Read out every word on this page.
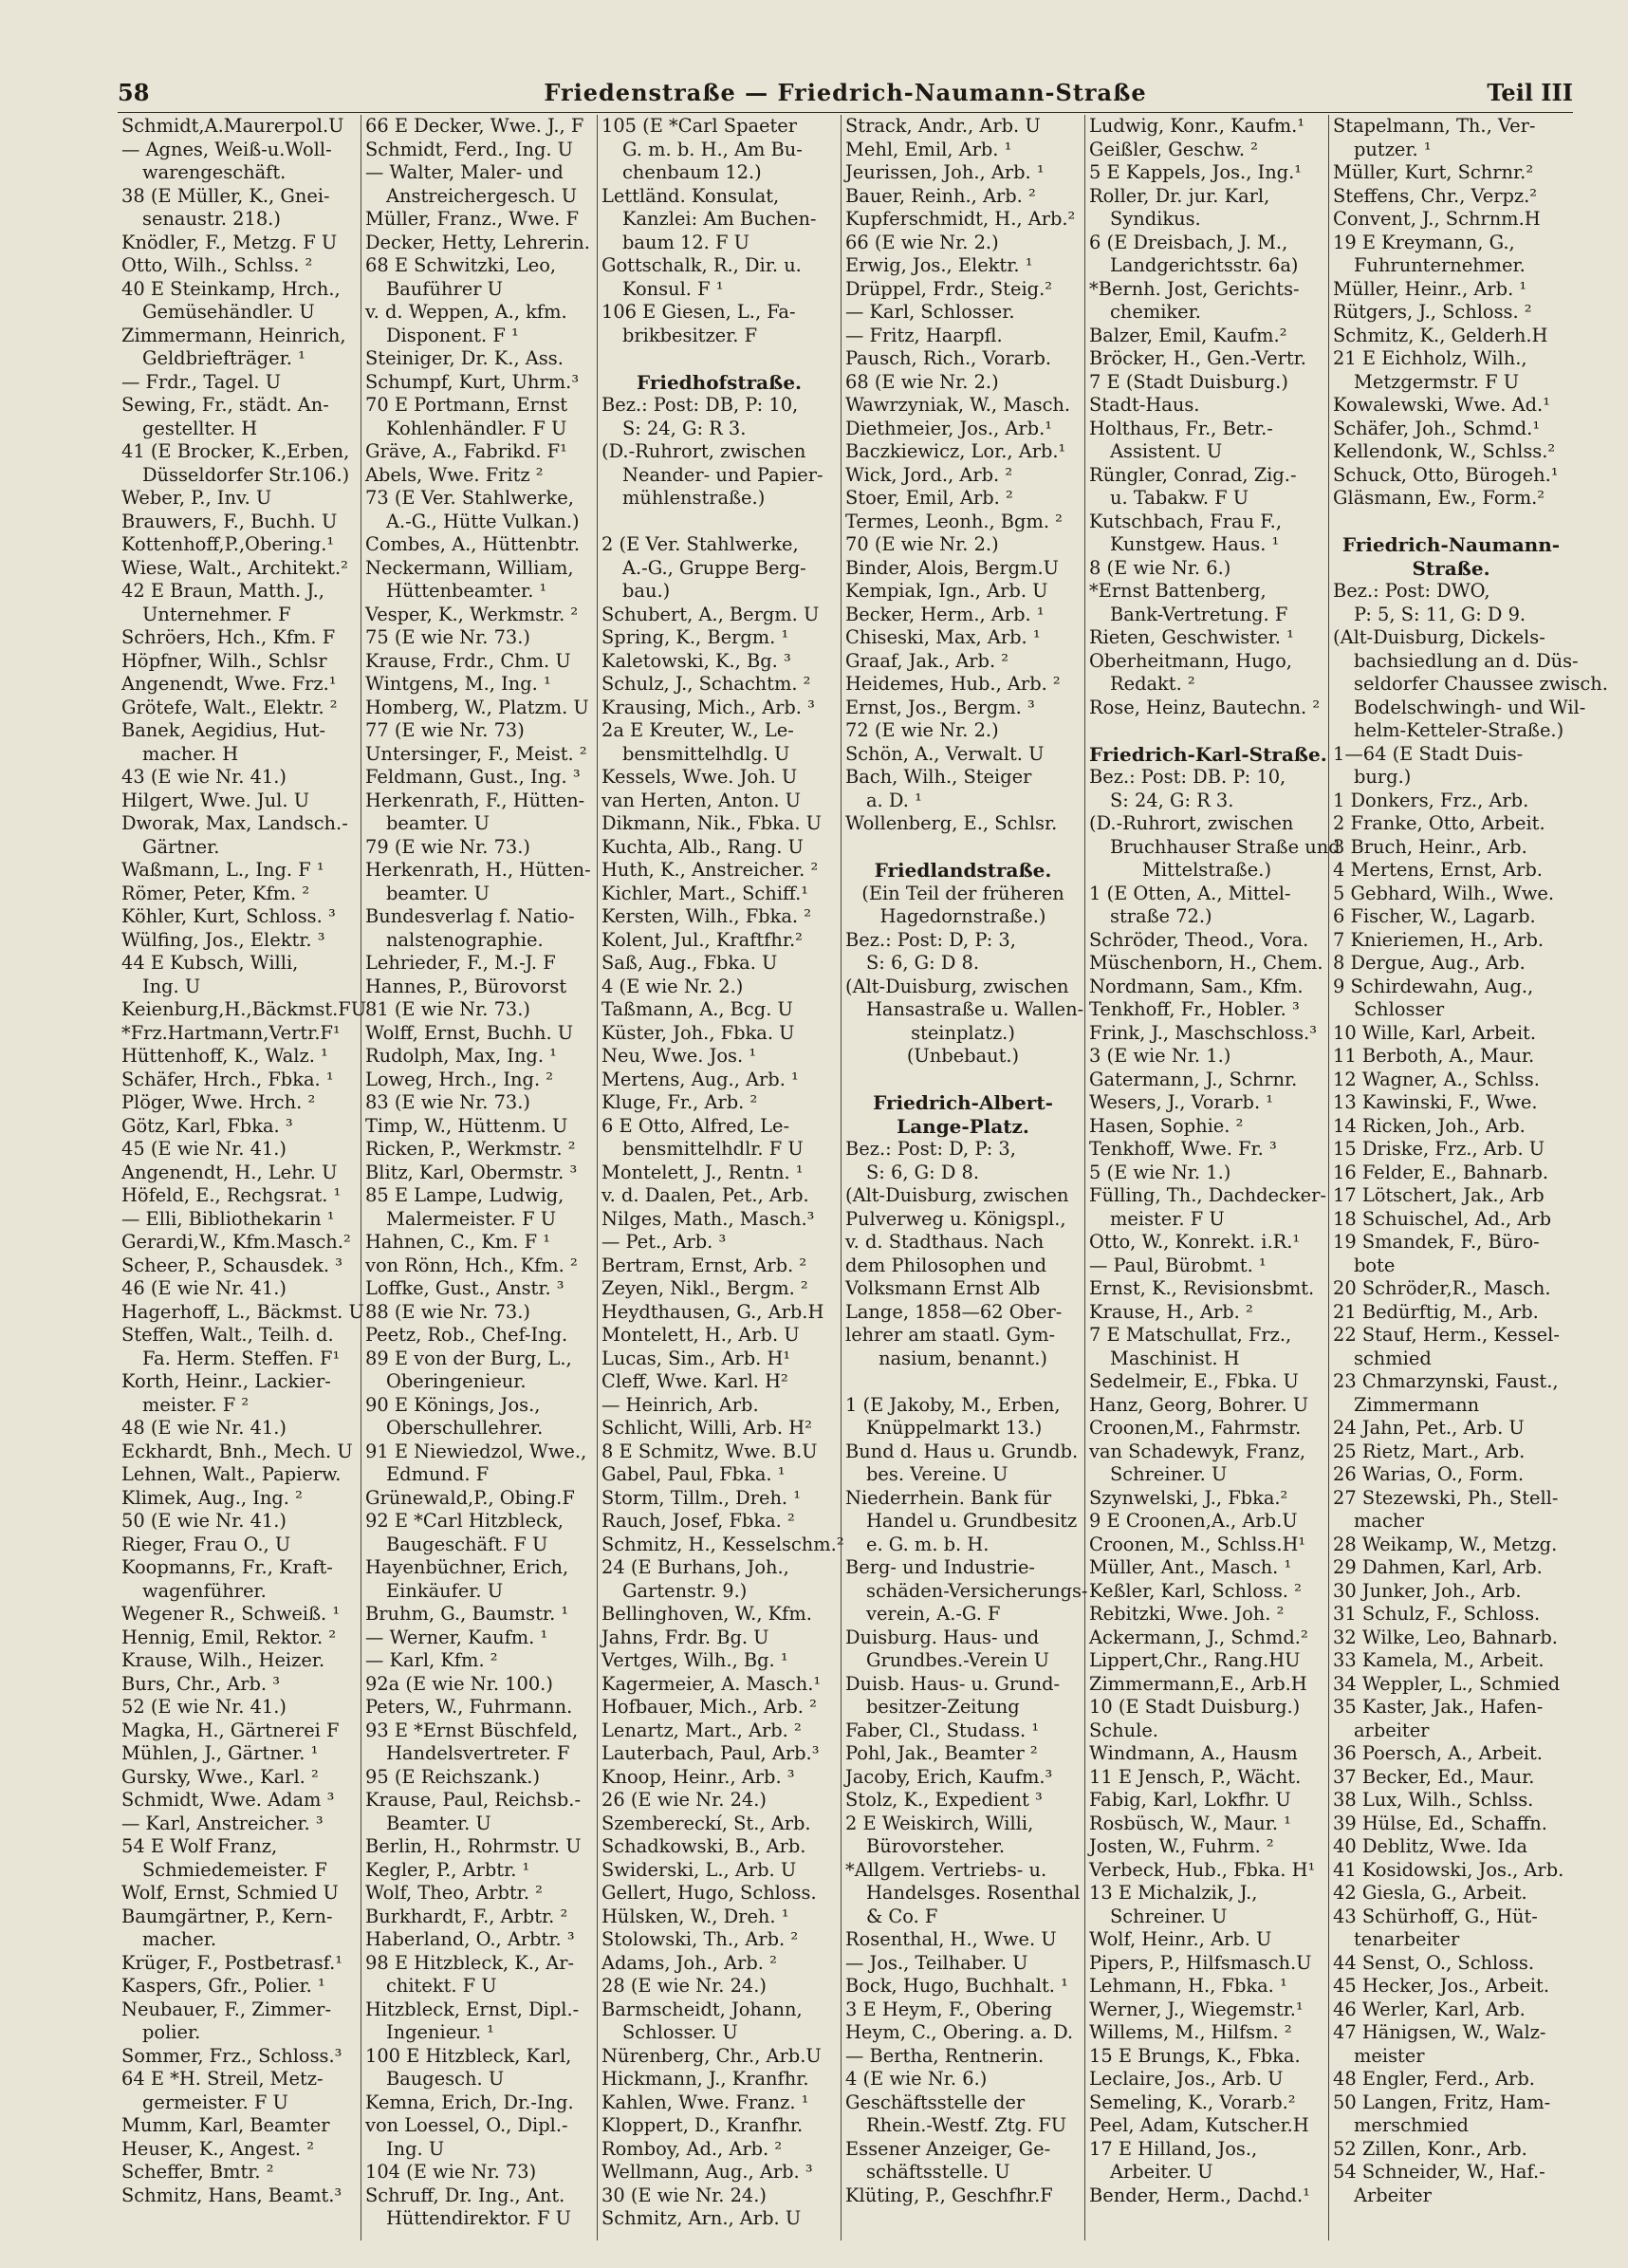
58	Friedenstraße — Friedrich-Naumann-Straße	Teil III
Schmidt,A.Maurerpol.U
— Agnes, Weiß-u.Woll-
warengeschäft.
38 (E Müller, K., Gnei-
senaustr. 218.)
Knödler, F., Metzg. F U
Otto, Wilh., Schlss. ²
40 E Steinkamp, Hrch.,
Gemüsehändler. U
Zimmermann, Heinrich,
Geldbriefträger. ¹
— Frdr., Tagel. U
Sewing, Fr., städt. An-
gestellter. H
41 (E Brocker, K.,Erben,
Düsseldorfer Str.106.)
Weber, P., Inv. U
Brauwers, F., Buchh. U
Kottenhoff,P.,Obering.¹
Wiese, Walt., Architekt.²
42 E Braun, Matth. J.,
Unternehmer. F
Schröers, Hch., Kfm. F
Höpfner, Wilh., Schlsr
Angenendt, Wwe. Frz.¹
Grötefe, Walt., Elektr. ²
Banek, Aegidius, Hut-
macher. H
43 (E wie Nr. 41.)
Hilgert, Wwe. Jul. U
Dworak, Max, Landsch.-
Gärtner.
Waßmann, L., Ing. F ¹
Römer, Peter, Kfm. ²
Köhler, Kurt, Schloss. ³
Wülfing, Jos., Elektr. ³
44 E Kubsch, Willi,
Ing. U
Keienburg,H.,Bäckmst.FU
*Frz.Hartmann,Vertr.F¹
Hüttenhoff, K., Walz. ¹
Schäfer, Hrch., Fbka. ¹
Plöger, Wwe. Hrch. ²
Götz, Karl, Fbka. ³
45 (E wie Nr. 41.)
Angenendt, H., Lehr. U
Höfeld, E., Rechgsrat. ¹
— Elli, Bibliothekarin ¹
Gerardi,W., Kfm.Masch.²
Scheer, P., Schausdek. ³
46 (E wie Nr. 41.)
Hagerhoff, L., Bäckmst. U
Steffen, Walt., Teilh. d.
Fa. Herm. Steffen. F¹
Korth, Heinr., Lackier-
meister. F ²
48 (E wie Nr. 41.)
Eckhardt, Bnh., Mech. U
Lehnen, Walt., Papierw.
Klimek, Aug., Ing. ²
50 (E wie Nr. 41.)
Rieger, Frau O., U
Koopmanns, Fr., Kraft-
wagenführer.
Wegener R., Schweiß. ¹
Hennig, Emil, Rektor. ²
Krause, Wilh., Heizer.
Burs, Chr., Arb. ³
52 (E wie Nr. 41.)
Magka, H., Gärtnerei F
Mühlen, J., Gärtner. ¹
Gursky, Wwe., Karl. ²
Schmidt, Wwe. Adam ³
— Karl, Anstreicher. ³
54 E Wolf Franz,
Schmiedemeister. F
Wolf, Ernst, Schmied U
Baumgärtner, P., Kern-
macher.
Krüger, F., Postbetrasf.¹
Kaspers, Gfr., Polier. ¹
Neubauer, F., Zimmer-
polier.
Sommer, Frz., Schloss.³
64 E *H. Streil, Metz-
germeister. F U
Mumm, Karl, Beamter
Heuser, K., Angest. ²
Scheffer, Bmtr. ²
Schmitz, Hans, Beamt.³
66 E Decker, Wwe. J., F
Schmidt, Ferd., Ing. U
— Walter, Maler- und
Anstreichergesch. U
Müller, Franz., Wwe. F
Decker, Hetty, Lehrerin.
68 E Schwitzki, Leo,
Bauführer U
v. d. Weppen, A., kfm.
Disponent. F ¹
Steiniger, Dr. K., Ass.
Schumpf, Kurt, Uhrm.³
70 E Portmann, Ernst
Kohlenhändler. F U
Gräve, A., Fabrikd. F¹
Abels, Wwe. Fritz ²
73 (E Ver. Stahlwerke,
A.-G., Hütte Vulkan.)
Combes, A., Hüttenbtr.
Neckermann, William,
Hüttenbeamter. ¹
Vesper, K., Werkmstr. ²
75 (E wie Nr. 73.)
Krause, Frdr., Chm. U
Wintgens, M., Ing. ¹
Homberg, W., Platzm. U
77 (E wie Nr. 73)
Untersinger, F., Meist. ²
Feldmann, Gust., Ing. ³
Herkenrath, F., Hütten-
beamter. U
79 (E wie Nr. 73.)
Herkenrath, H., Hütten-
beamter. U
Bundesverlag f. Natio-
nalstenographie.
Lehrieder, F., M.-J. F
Hannes, P., Bürovorst
81 (E wie Nr. 73.)
Wolff, Ernst, Buchh. U
Rudolph, Max, Ing. ¹
Loweg, Hrch., Ing. ²
83 (E wie Nr. 73.)
Timp, W., Hüttenm. U
Ricken, P., Werkmstr. ²
Blitz, Karl, Obermstr. ³
85 E Lampe, Ludwig,
Malermeister. F U
Hahnen, C., Km. F ¹
von Rönn, Hch., Kfm. ²
Loffke, Gust., Anstr. ³
88 (E wie Nr. 73.)
Peetz, Rob., Chef-Ing.
89 E von der Burg, L.,
Oberingenieur.
90 E Könings, Jos.,
Oberschullehrer.
91 E Niewiedzol, Wwe.,
Edmund. F
Grünewald,P., Obing.F
92 E *Carl Hitzbleck,
Baugeschäft. F U
Hayenbüchner, Erich,
Einkäufer. U
Bruhm, G., Baumstr. ¹
— Werner, Kaufm. ¹
— Karl, Kfm. ²
92a (E wie Nr. 100.)
Peters, W., Fuhrmann.
93 E *Ernst Büschfeld,
Handelsvertreter. F
95 (E Reichszank.)
Krause, Paul, Reichsb.-
Beamter. U
Berlin, H., Rohrmstr. U
Kegler, P., Arbtr. ¹
Wolf, Theo, Arbtr. ²
Burkhardt, F., Arbtr. ²
Haberland, O., Arbtr. ³
98 E Hitzbleck, K., Ar-
chitekt. F U
Hitzbleck, Ernst, Dipl.-
Ingenieur. ¹
100 E Hitzbleck, Karl,
Baugesch. U
Kemna, Erich, Dr.-Ing.
von Loessel, O., Dipl.-
Ing. U
104 (E wie Nr. 73)
Schruff, Dr. Ing., Ant.
Hüttendirektor. F U
105 (E *Carl Spaeter
G. m. b. H., Am Bu-
chenbaum 12.)
Lettländ. Konsulat,
Kanzlei: Am Buchen-
baum 12. F U
Gottschalk, R., Dir. u.
Konsul. F ¹
106 E Giesen, L., Fa-
brikbesitzer. F
Friedhofstraße.
Bez.: Post: DB, P: 10,
S: 24, G: R 3.
(D.-Ruhrort, zwischen
Neander- und Papier-
mühlenstraße.)
2 (E Ver. Stahlwerke,
A.-G., Gruppe Berg-
bau.)
Schubert, A., Bergm. U
Spring, K., Bergm. ¹
Kaletowski, K., Bg. ³
Schulz, J., Schachtm. ²
Krausing, Mich., Arb. ³
2a E Kreuter, W., Le-
bensmittelhdlg. U
Kessels, Wwe. Joh. U
van Herten, Anton. U
Dikmann, Nik., Fbka. U
Kuchta, Alb., Rang. U
Huth, K., Anstreicher. ²
Kichler, Mart., Schiff.¹
Kersten, Wilh., Fbka. ²
Kolent, Jul., Kraftfhr.²
Saß, Aug., Fbka. U
4 (E wie Nr. 2.)
Taßmann, A., Bcg. U
Küster, Joh., Fbka. U
Neu, Wwe. Jos. ¹
Mertens, Aug., Arb. ¹
Kluge, Fr., Arb. ²
6 E Otto, Alfred, Le-
bensmittelhdlr. F U
Montelett, J., Rentn. ¹
v. d. Daalen, Pet., Arb.
Nilges, Math., Masch.³
— Pet., Arb. ³
Bertram, Ernst, Arb. ²
Zeyen, Nikl., Bergm. ²
Heydthausen, G., Arb.H
Montelett, H., Arb. U
Lucas, Sim., Arb. H¹
Cleff, Wwe. Karl. H²
— Heinrich, Arb.
Schlicht, Willi, Arb. H²
8 E Schmitz, Wwe. B.U
Gabel, Paul, Fbka. ¹
Storm, Tillm., Dreh. ¹
Rauch, Josef, Fbka. ²
Schmitz, H., Kesselschm.²
24 (E Burhans, Joh.,
Gartenstr. 9.)
Bellinghoven, W., Kfm.
Jahns, Frdr. Bg. U
Vertges, Wilh., Bg. ¹
Kagermeier, A. Masch.¹
Hofbauer, Mich., Arb. ²
Lenartz, Mart., Arb. ²
Lauterbach, Paul, Arb.³
Knoop, Heinr., Arb. ³
26 (E wie Nr. 24.)
Szembereckí, St., Arb.
Schadkowski, B., Arb.
Swiderski, L., Arb. U
Gellert, Hugo, Schloss.
Hülsken, W., Dreh. ¹
Stolowski, Th., Arb. ²
Adams, Joh., Arb. ²
28 (E wie Nr. 24.)
Barmscheidt, Johann,
Schlosser. U
Nürenberg, Chr., Arb.U
Hickmann, J., Kranfhr.
Kahlen, Wwe. Franz. ¹
Kloppert, D., Kranfhr.
Romboy, Ad., Arb. ²
Wellmann, Aug., Arb. ³
30 (E wie Nr. 24.)
Schmitz, Arn., Arb. U
Strack, Andr., Arb. U
Mehl, Emil, Arb. ¹
Jeurissen, Joh., Arb. ¹
Bauer, Reinh., Arb. ²
Kupferschmidt, H., Arb.²
66 (E wie Nr. 2.)
Erwig, Jos., Elektr. ¹
Drüppel, Frdr., Steig.²
— Karl, Schlosser.
— Fritz, Haarpfl.
Pausch, Rich., Vorarb.
68 (E wie Nr. 2.)
Wawrzyniak, W., Masch.
Diethmeier, Jos., Arb.¹
Baczkiewicz, Lor., Arb.¹
Wick, Jord., Arb. ²
Stoer, Emil, Arb. ²
Termes, Leonh., Bgm. ²
70 (E wie Nr. 2.)
Binder, Alois, Bergm.U
Kempiak, Ign., Arb. U
Becker, Herm., Arb. ¹
Chiseski, Max, Arb. ¹
Graaf, Jak., Arb. ²
Heidemes, Hub., Arb. ²
Ernst, Jos., Bergm. ³
72 (E wie Nr. 2.)
Schön, A., Verwalt. U
Bach, Wilh., Steiger
a. D. ¹
Wollenberg, E., Schlsr.
Friedlandstraße.
(Ein Teil der früheren
Hagedornstraße.)
Bez.: Post: D, P: 3,
S: 6, G: D 8.
(Alt-Duisburg, zwischen
Hansastraße u. Wallen-
steinplatz.)
(Unbebaut.)
Friedrich-Albert-
Lange-Platz.
Bez.: Post: D, P: 3,
S: 6, G: D 8.
(Alt-Duisburg, zwischen
Pulverweg u. Königspl.,
v. d. Stadthaus. Nach
dem Philosophen und
Volksmann Ernst Alb
Lange, 1858—62 Ober-
lehrer am staatl. Gym-
nasium, benannt.)
1 (E Jakoby, M., Erben,
Knüppelmarkt 13.)
Bund d. Haus u. Grundb.
bes. Vereine. U
Niederrhein. Bank für
Handel u. Grundbesitz
e. G. m. b. H.
Berg- und Industrie-
schäden-Versicherungs-
verein, A.-G. F
Duisburg. Haus- und
Grundbes.-Verein U
Duisb. Haus- u. Grund-
besitzer-Zeitung
Faber, Cl., Studass. ¹
Pohl, Jak., Beamter ²
Jacoby, Erich, Kaufm.³
Stolz, K., Expedient ³
2 E Weiskirch, Willi,
Bürovorsteher.
*Allgem. Vertriebs- u.
Handelsges. Rosenthal
& Co. F
Rosenthal, H., Wwe. U
— Jos., Teilhaber. U
Bock, Hugo, Buchhalt. ¹
3 E Heym, F., Obering
Heym, C., Obering. a. D.
— Bertha, Rentnerin.
4 (E wie Nr. 6.)
Geschäftsstelle der
Rhein.-Westf. Ztg. FU
Essener Anzeiger, Ge-
schäftsstelle. U
Klüting, P., Geschfhr.F
Ludwig, Konr., Kaufm.¹
Geißler, Geschw. ²
5 E Kappels, Jos., Ing.¹
Roller, Dr. jur. Karl,
Syndikus.
6 (E Dreisbach, J. M.,
Landgerichtsstr. 6a)
*Bernh. Jost, Gerichts-
chemiker.
Balzer, Emil, Kaufm.²
Bröcker, H., Gen.-Vertr.
7 E (Stadt Duisburg.)
Stadt-Haus.
Holthaus, Fr., Betr.-
Assistent. U
Rüngler, Conrad, Zig.-
u. Tabakw. F U
Kutschbach, Frau F.,
Kunstgew. Haus. ¹
8 (E wie Nr. 6.)
*Ernst Battenberg,
Bank-Vertretung. F
Rieten, Geschwister. ¹
Oberheitmann, Hugo,
Redakt. ²
Rose, Heinz, Bautechn. ²
Friedrich-Karl-Straße.
Bez.: Post: DB. P: 10,
S: 24, G: R 3.
(D.-Ruhrort, zwischen
Bruchhauser Straße und
Mittelstraße.)
1 (E Otten, A., Mittel-
straße 72.)
Schröder, Theod., Vora.
Müschenborn, H., Chem.
Nordmann, Sam., Kfm.
Tenkhoff, Fr., Hobler. ³
Frink, J., Maschschloss.³
3 (E wie Nr. 1.)
Gatermann, J., Schrnr.
Wesers, J., Vorarb. ¹
Hasen, Sophie. ²
Tenkhoff, Wwe. Fr. ³
5 (E wie Nr. 1.)
Fülling, Th., Dachdecker-
meister. F U
Otto, W., Konrekt. i.R.¹
— Paul, Bürobmt. ¹
Ernst, K., Revisionsbmt.
Krause, H., Arb. ²
7 E Matschullat, Frz.,
Maschinist. H
Sedelmeir, E., Fbka. U
Hanz, Georg, Bohrer. U
Croonen,M., Fahrmstr.
van Schadewyk, Franz,
Schreiner. U
Szynwelski, J., Fbka.²
9 E Croonen,A., Arb.U
Croonen, M., Schlss.H¹
Müller, Ant., Masch. ¹
Keßler, Karl, Schloss. ²
Rebitzki, Wwe. Joh. ²
Ackermann, J., Schmd.²
Lippert,Chr., Rang.HU
Zimmermann,E., Arb.H
10 (E Stadt Duisburg.)
Schule.
Windmann, A., Hausm
11 E Jensch, P., Wächt.
Fabig, Karl, Lokfhr. U
Rosbüsch, W., Maur. ¹
Josten, W., Fuhrm. ²
Verbeck, Hub., Fbka. H¹
13 E Michalzik, J.,
Schreiner. U
Wolf, Heinr., Arb. U
Pipers, P., Hilfsmasch.U
Lehmann, H., Fbka. ¹
Werner, J., Wiegemstr.¹
Willems, M., Hilfsm. ²
15 E Brungs, K., Fbka.
Leclaire, Jos., Arb. U
Semeling, K., Vorarb.²
Peel, Adam, Kutscher.H
17 E Hilland, Jos.,
Arbeiter. U
Bender, Herm., Dachd.¹
Stapelmann, Th., Ver-
putzer. ¹
Müller, Kurt, Schrnr.²
Steffens, Chr., Verpz.²
Convent, J., Schrnm.H
19 E Kreymann, G.,
Fuhrunternehmer.
Müller, Heinr., Arb. ¹
Rütgers, J., Schloss. ²
Schmitz, K., Gelderh.H
21 E Eichholz, Wilh.,
Metzgermstr. F U
Kowalewski, Wwe. Ad.¹
Schäfer, Joh., Schmd.¹
Kellendonk, W., Schlss.²
Schuck, Otto, Bürogeh.¹
Gläsmann, Ew., Form.²
Friedrich-Naumann-
Straße.
Bez.: Post: DWO,
P: 5, S: 11, G: D 9.
(Alt-Duisburg, Dickels-
bachsiedlung an d. Düs-
seldorfer Chaussee zwisch.
Bodelschwingh- und Wil-
helm-Ketteler-Straße.)
1—64 (E Stadt Duis-
burg.)
1 Donkers, Frz., Arb.
2 Franke, Otto, Arbeit.
3 Bruch, Heinr., Arb.
4 Mertens, Ernst, Arb.
5 Gebhard, Wilh., Wwe.
6 Fischer, W., Lagarb.
7 Knieriemen, H., Arb.
8 Dergue, Aug., Arb.
9 Schirdewahn, Aug.,
Schlosser
10 Wille, Karl, Arbeit.
11 Berboth, A., Maur.
12 Wagner, A., Schlss.
13 Kawinski, F., Wwe.
14 Ricken, Joh., Arb.
15 Driske, Frz., Arb. U
16 Felder, E., Bahnarb.
17 Lötschert, Jak., Arb
18 Schuischel, Ad., Arb
19 Smandek, F., Büro-
bote
20 Schröder,R., Masch.
21 Bedürftig, M., Arb.
22 Stauf, Herm., Kessel-
schmied
23 Chmarzynski, Faust.,
Zimmermann
24 Jahn, Pet., Arb. U
25 Rietz, Mart., Arb.
26 Warias, O., Form.
27 Stezewski, Ph., Stell-
macher
28 Weikamp, W., Metzg.
29 Dahmen, Karl, Arb.
30 Junker, Joh., Arb.
31 Schulz, F., Schloss.
32 Wilke, Leo, Bahnarb.
33 Kamela, M., Arbeit.
34 Weppler, L., Schmied
35 Kaster, Jak., Hafen-
arbeiter
36 Poersch, A., Arbeit.
37 Becker, Ed., Maur.
38 Lux, Wilh., Schlss.
39 Hülse, Ed., Schaffn.
40 Deblitz, Wwe. Ida
41 Kosidowski, Jos., Arb.
42 Giesla, G., Arbeit.
43 Schürhoff, G., Hüt-
tenarbeiter
44 Senst, O., Schloss.
45 Hecker, Jos., Arbeit.
46 Werler, Karl, Arb.
47 Hänigsen, W., Walz-
meister
48 Engler, Ferd., Arb.
50 Langen, Fritz, Ham-
merschmied
52 Zillen, Konr., Arb.
54 Schneider, W., Haf.-
Arbeiter
